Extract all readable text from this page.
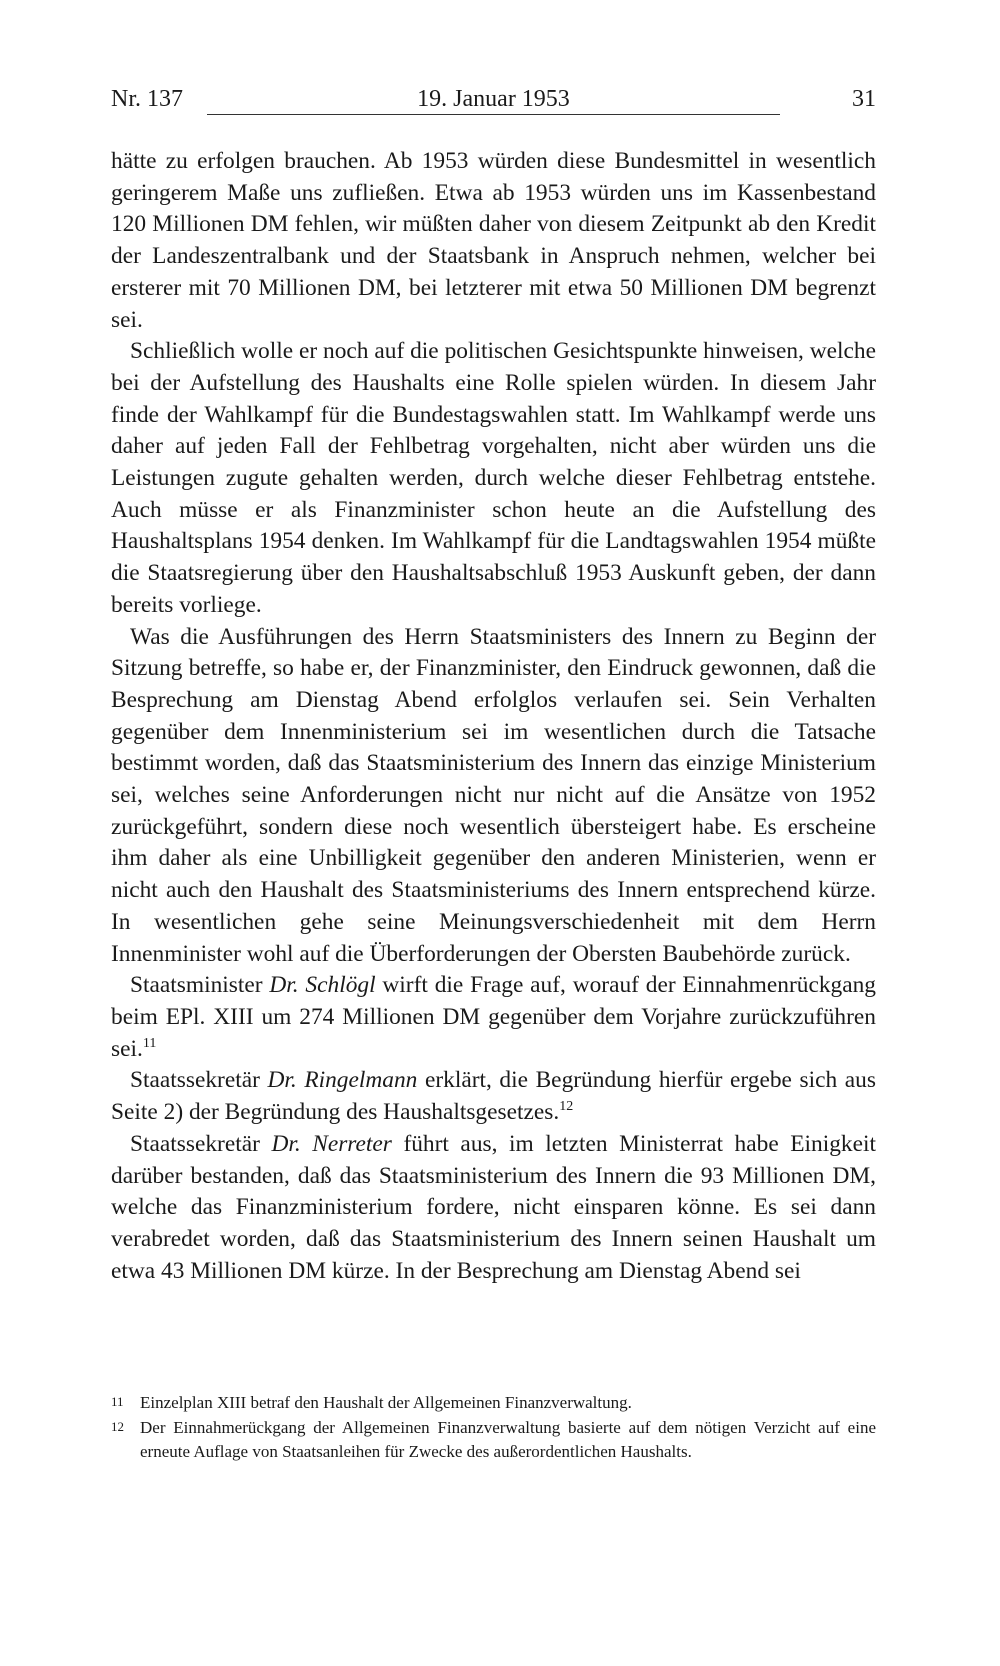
Nr. 137	19. Januar 1953	31

hätte zu erfolgen brauchen. Ab 1953 würden diese Bundesmittel in wesentlich geringerem Maße uns zufließen. Etwa ab 1953 würden uns im Kassenbestand 120 Millionen DM fehlen, wir müßten daher von diesem Zeitpunkt ab den Kredit der Landeszentralbank und der Staatsbank in Anspruch nehmen, welcher bei ersterer mit 70 Millionen DM, bei letzterer mit etwa 50 Millionen DM begrenzt sei.

Schließlich wolle er noch auf die politischen Gesichtspunkte hinweisen, welche bei der Aufstellung des Haushalts eine Rolle spielen würden. In diesem Jahr finde der Wahlkampf für die Bundestagswahlen statt. Im Wahlkampf werde uns daher auf jeden Fall der Fehlbetrag vorgehalten, nicht aber würden uns die Leistungen zugute gehalten werden, durch welche dieser Fehlbetrag entstehe. Auch müsse er als Finanzminister schon heute an die Aufstellung des Haushaltsplans 1954 denken. Im Wahlkampf für die Landtagswahlen 1954 müßte die Staatsregierung über den Haushaltsabschluß 1953 Auskunft geben, der dann bereits vorliege.

Was die Ausführungen des Herrn Staatsministers des Innern zu Beginn der Sitzung betreffe, so habe er, der Finanzminister, den Eindruck gewonnen, daß die Besprechung am Dienstag Abend erfolglos verlaufen sei. Sein Verhalten gegenüber dem Innenministerium sei im wesentlichen durch die Tatsache bestimmt worden, daß das Staatsministerium des Innern das einzige Ministerium sei, welches seine Anforderungen nicht nur nicht auf die Ansätze von 1952 zurückgeführt, sondern diese noch wesentlich übersteigert habe. Es erscheine ihm daher als eine Unbilligkeit gegenüber den anderen Ministerien, wenn er nicht auch den Haushalt des Staatsministeriums des Innern entsprechend kürze. In wesentlichen gehe seine Meinungsverschiedenheit mit dem Herrn Innenminister wohl auf die Überforderungen der Obersten Baubehörde zurück.

Staatsminister Dr. Schlögl wirft die Frage auf, worauf der Einnahmenrückgang beim EPl. XIII um 274 Millionen DM gegenüber dem Vorjahre zurückzuführen sei.$^{11}$

Staatssekretär Dr. Ringelmann erklärt, die Begründung hierfür ergebe sich aus Seite 2) der Begründung des Haushaltsgesetzes.$^{12}$

Staatssekretär Dr. Nerreter führt aus, im letzten Ministerrat habe Einigkeit darüber bestanden, daß das Staatsministerium des Innern die 93 Millionen DM, welche das Finanzministerium fordere, nicht einsparen könne. Es sei dann verabredet worden, daß das Staatsministerium des Innern seinen Haushalt um etwa 43 Millionen DM kürze. In der Besprechung am Dienstag Abend sei

11 Einzelplan XIII betraf den Haushalt der Allgemeinen Finanzverwaltung.
12 Der Einnahmerückgang der Allgemeinen Finanzverwaltung basierte auf dem nötigen Verzicht auf eine erneute Auflage von Staatsanleihen für Zwecke des außerordentlichen Haushalts.
